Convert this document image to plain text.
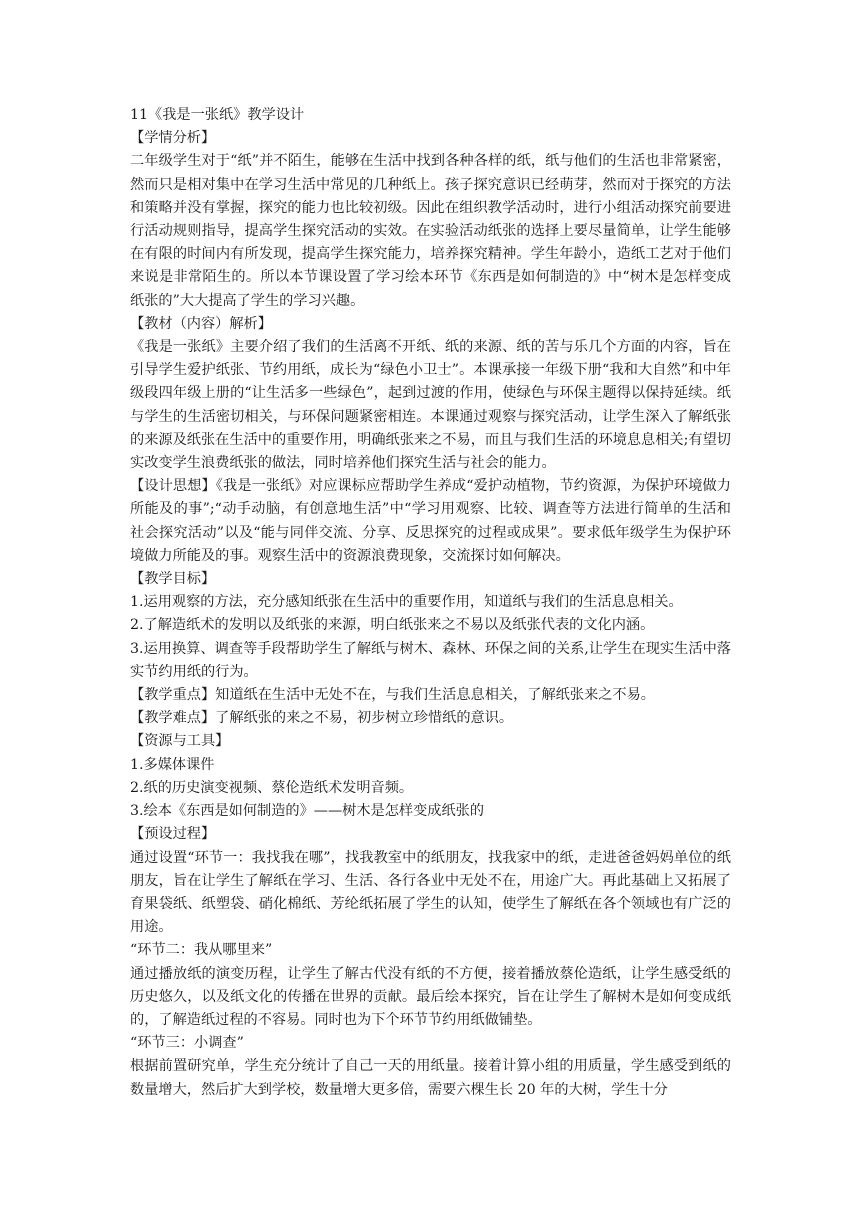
11《我是一张纸》教学设计
【学情分析】
二年级学生对于“纸”并不陌生，能够在生活中找到各种各样的纸，纸与他们的生活也非常紧密，然而只是相对集中在学习生活中常见的几种纸上。孩子探究意识已经萌芽，然而对于探究的方法和策略并没有掌握，探究的能力也比较初级。因此在组织教学活动时，进行小组活动探究前要进行活动规则指导，提高学生探究活动的实效。在实验活动纸张的选择上要尽量简单，让学生能够在有限的时间内有所发现，提高学生探究能力，培养探究精神。学生年龄小，造纸工艺对于他们来说是非常陌生的。所以本节课设置了学习绘本环节《东西是如何制造的》中“树木是怎样变成纸张的”大大提高了学生的学习兴趣。
【教材（内容）解析】
《我是一张纸》主要介绍了我们的生活离不开纸、纸的来源、纸的苦与乐几个方面的内容，旨在引导学生爱护纸张、节约用纸，成长为“绿色小卫士”。本课承接一年级下册“我和大自然”和中年级段四年级上册的“让生活多一些绿色”，起到过渡的作用，使绿色与环保主题得以保持延续。纸与学生的生活密切相关，与环保问题紧密相连。本课通过观察与探究活动，让学生深入了解纸张的来源及纸张在生活中的重要作用，明确纸张来之不易，而且与我们生活的环境息息相关;有望切实改变学生浪费纸张的做法，同时培养他们探究生活与社会的能力。
【设计思想】《我是一张纸》对应课标应帮助学生养成“爱护动植物，节约资源，为保护环境做力所能及的事”;“动手动脑，有创意地生活”中“学习用观察、比较、调查等方法进行简单的生活和社会探究活动”以及“能与同伴交流、分享、反思探究的过程或成果”。要求低年级学生为保护环境做力所能及的事。观察生活中的资源浪费现象，交流探讨如何解决。
【教学目标】
1.运用观察的方法，充分感知纸张在生活中的重要作用，知道纸与我们的生活息息相关。
2.了解造纸术的发明以及纸张的来源，明白纸张来之不易以及纸张代表的文化内涵。
3.运用换算、调查等手段帮助学生了解纸与树木、森林、环保之间的关系,让学生在现实生活中落实节约用纸的行为。
【教学重点】知道纸在生活中无处不在，与我们生活息息相关，了解纸张来之不易。
【教学难点】了解纸张的来之不易，初步树立珍惜纸的意识。
【资源与工具】
1.多媒体课件
2.纸的历史演变视频、蔡伦造纸术发明音频。
3.绘本《东西是如何制造的》——树木是怎样变成纸张的
【预设过程】
通过设置“环节一：我找我在哪”，找我教室中的纸朋友，找我家中的纸，走进爸爸妈妈单位的纸朋友，旨在让学生了解纸在学习、生活、各行各业中无处不在，用途广大。再此基础上又拓展了育果袋纸、纸塑袋、硝化棉纸、芳纶纸拓展了学生的认知，使学生了解纸在各个领域也有广泛的用途。
“环节二：我从哪里来”
通过播放纸的演变历程，让学生了解古代没有纸的不方便，接着播放蔡伦造纸，让学生感受纸的历史悠久，以及纸文化的传播在世界的贡献。最后绘本探究，旨在让学生了解树木是如何变成纸的，了解造纸过程的不容易。同时也为下个环节节约用纸做铺垫。
“环节三：小调查”
根据前置研究单，学生充分统计了自己一天的用纸量。接着计算小组的用质量，学生感受到纸的数量增大，然后扩大到学校，数量增大更多倍，需要六棵生长 20 年的大树，学生十分
